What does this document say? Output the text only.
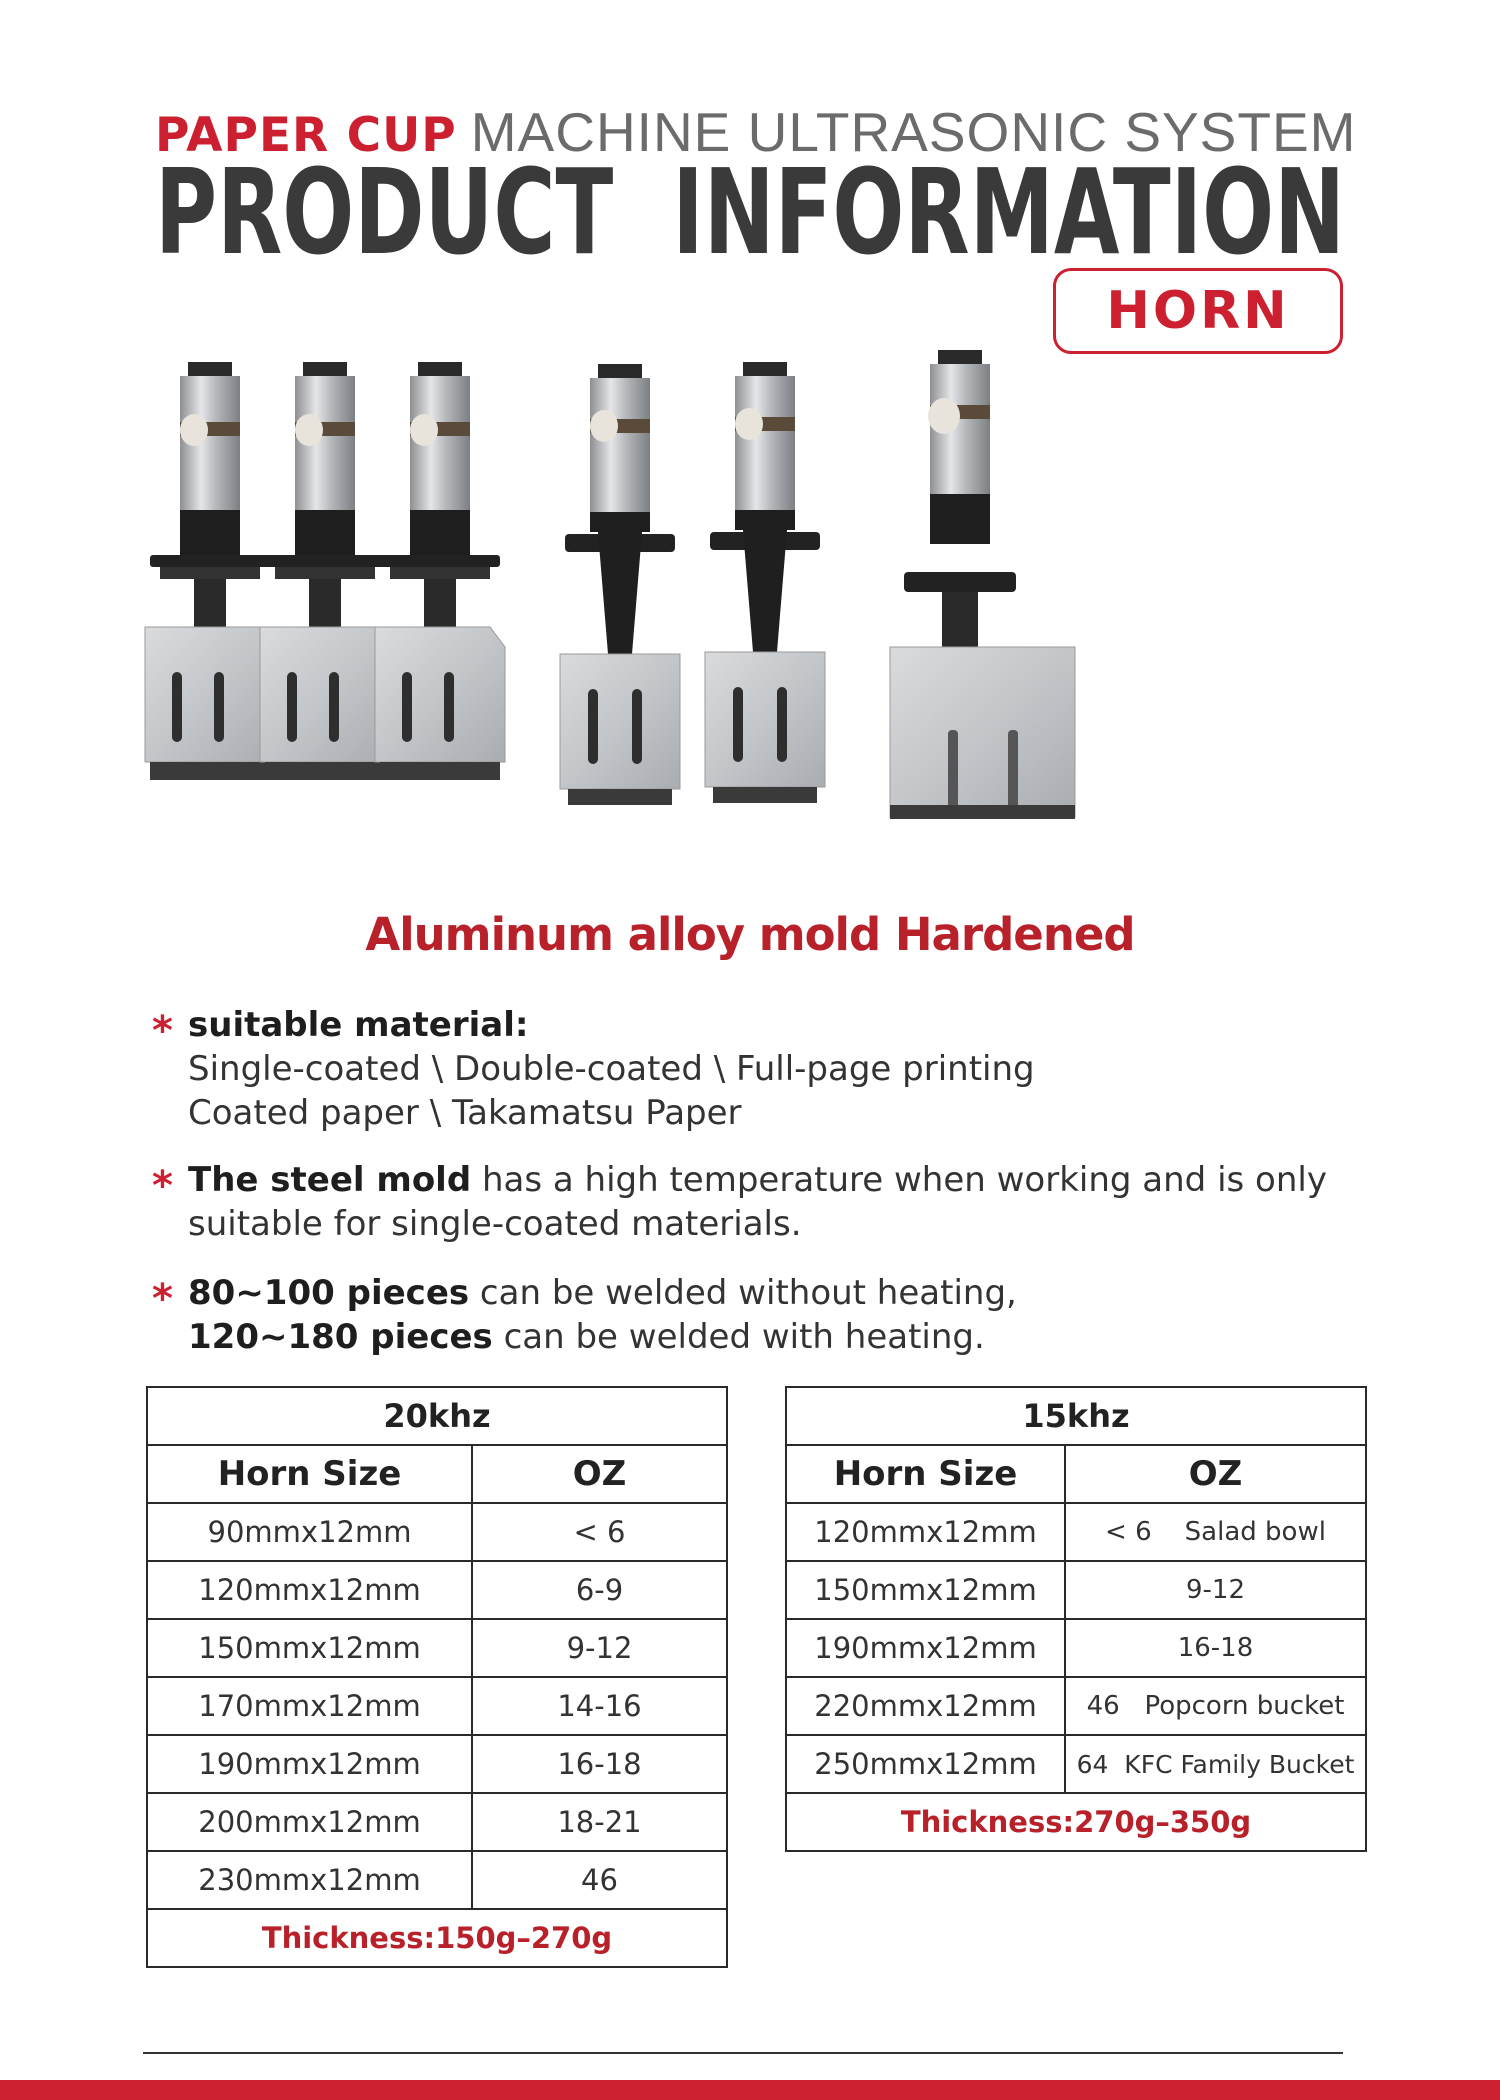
PAPER CUP MACHINE ULTRASONIC SYSTEM
PRODUCT  INFORMATION
HORN
Aluminum alloy mold Hardened
* suitable material:
Single-coated \ Double-coated \ Full-page printing
Coated paper \ Takamatsu Paper
* The steel mold has a high temperature when working and is only
suitable for single-coated materials.
* 80~100 pieces can be welded without heating,
120~180 pieces can be welded with heating.
20khz	
Horn Size	OZ
90mmx12mm	< 6
120mmx12mm	6-9
150mmx12mm	9-12
170mmx12mm	14-16
190mmx12mm	16-18
200mmx12mm	18-21
230mmx12mm	46
Thickness:150g–270g	
15khz	
Horn Size	OZ
120mmx12mm	< 6    Salad bowl
150mmx12mm	9-12
190mmx12mm	16-18
220mmx12mm	46   Popcorn bucket
250mmx12mm	64  KFC Family Bucket
Thickness:270g–350g	
